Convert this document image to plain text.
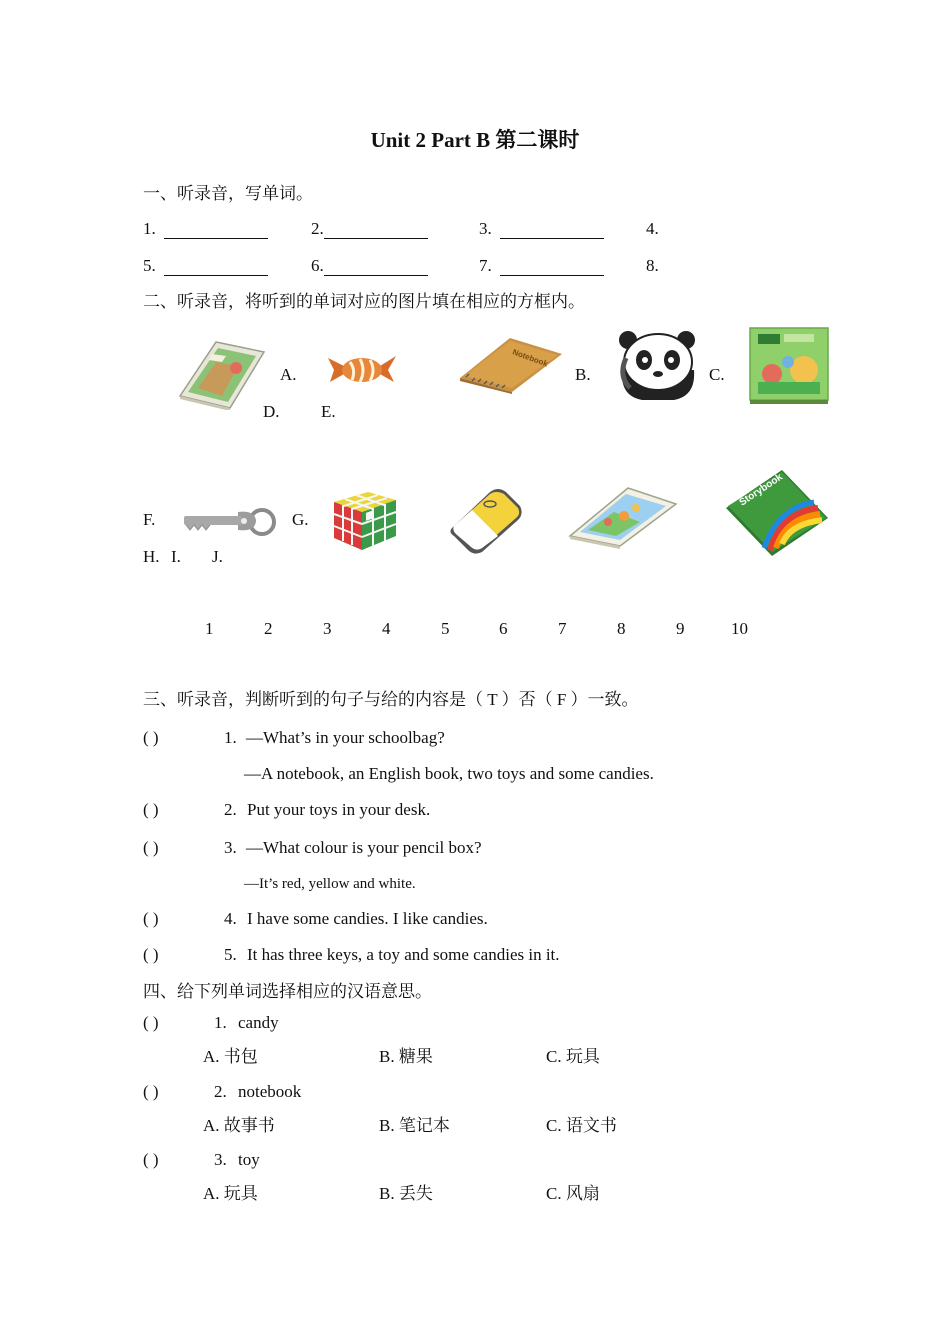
Unit 2 Part B 第二课时
一、听录音，写单词。
1.	2.	3.	4.
5.	6.	7.	8.
二、听录音，将听到的单词对应的图片填在相应的方框内。
A.
Notebook
B.	C.
D. E.
F.	G.
Storybook
H. I. J.
1	2	3	4	5	6	7	8	9	10
三、听录音，判断听到的句子与给的内容是（ T ）否（ F ）一致。
( )	1. —What’s in your schoolbag?
—A notebook, an English book, two toys and some candies.
( )	2. Put your toys in your desk.
( )	3. —What colour is your pencil box?
—It’s red, yellow and white.
( )	4. I have some candies. I like candies.
( )	5. It has three keys, a toy and some candies in it.
四、给下列单词选择相应的汉语意思。
( )	1. candy
A. 书包	B. 糖果	C. 玩具
( )	2. notebook
A. 故事书	B. 笔记本	C. 语文书
( )	3. toy
A. 玩具	B. 丢失	C. 风扇
